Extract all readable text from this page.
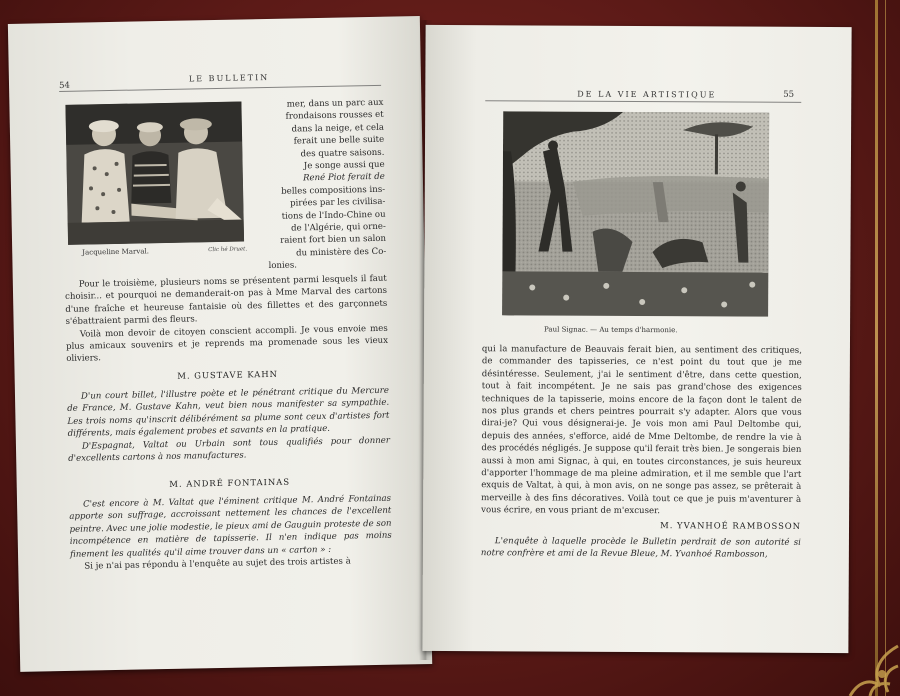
54
LE BULLETIN
Jacqueline Marval.	Clic hé Druet.
mer, dans un parc aux
frondaisons rousses et
dans la neige, et cela
ferait une belle suite
des quatre saisons.
Je songe aussi que
René Piot ferait de
belles compositions ins-
pirées par les civilisa-
tions de l'Indo-Chine ou
de l'Algérie, qui orne-
raient fort bien un salon
du ministère des Co-
lonies.

Pour le troisième, plusieurs noms se présentent parmi lesquels il faut choisir... et pourquoi ne demanderait-on pas à Mme Marval des cartons d'une fraîche et heureuse fantaisie où des fillettes et des garçonnets s'ébattraient parmi des fleurs.

Voilà mon devoir de citoyen conscient accompli. Je vous envoie mes plus amicaux souvenirs et je reprends ma promenade sous les vieux oliviers.

M. GUSTAVE KAHN

D'un court billet, l'illustre poète et le pénétrant critique du Mercure de France, M. Gustave Kahn, veut bien nous manifester sa sympathie. Les trois noms qu'inscrit délibérément sa plume sont ceux d'artistes fort différents, mais également probes et savants en la pratique.

D'Espagnat, Valtat ou Urbain sont tous qualifiés pour donner d'excellents cartons à nos manufactures.

M. ANDRÉ FONTAINAS

C'est encore à M. Valtat que l'éminent critique M. André Fontainas apporte son suffrage, accroissant nettement les chances de l'excellent peintre. Avec une jolie modestie, le pieux ami de Gauguin proteste de son incompétence en matière de tapisserie. Il n'en indique pas moins finement les qualités qu'il aime trouver dans un « carton » :

Si je n'ai pas répondu à l'enquête au sujet des trois artistes à

DE LA VIE ARTISTIQUE	55
Paul Signac. — Au temps d'harmonie.

qui la manufacture de Beauvais ferait bien, au sentiment des critiques, de commander des tapisseries, ce n'est point du tout que je me désintéresse. Seulement, j'ai le sentiment d'être, dans cette question, tout à fait incompétent. Je ne sais pas grand'chose des exigences techniques de la tapisserie, moins encore de la façon dont le talent de nos plus grands et chers peintres pourrait s'y adapter. Alors que vous dirai-je? Qui vous désignerai-je. Je vois mon ami Paul Deltombe qui, depuis des années, s'efforce, aidé de Mme Deltombe, de rendre la vie à des procédés négligés. Je suppose qu'il ferait très bien. Je songerais bien aussi à mon ami Signac, à qui, en toutes circonstances, je suis heureux d'apporter l'hommage de ma pleine admiration, et il me semble que l'art exquis de Valtat, à qui, à mon avis, on ne songe pas assez, se prêterait à merveille à des fins décoratives. Voilà tout ce que je puis m'aventurer à vous écrire, en vous priant de m'excuser.

M. YVANHOÉ RAMBOSSON

L'enquête à laquelle procède le Bulletin perdrait de son autorité si notre confrère et ami de la Revue Bleue, M. Yvanhoé Rambosson,
